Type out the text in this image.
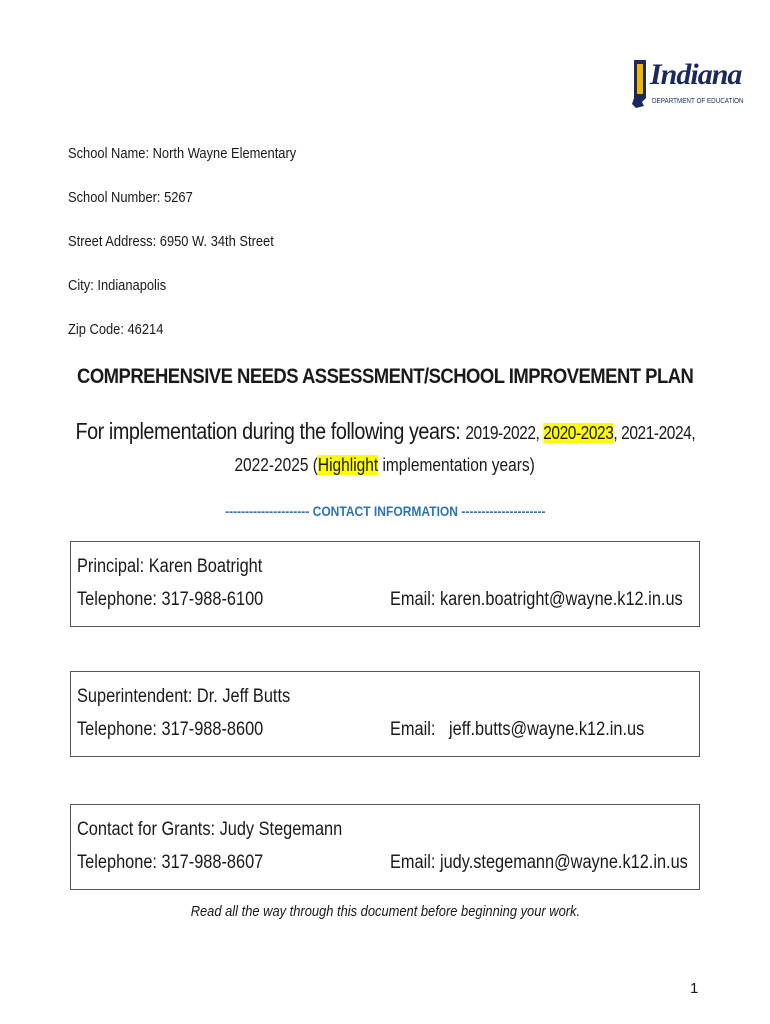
Indiana
DEPARTMENT OF EDUCATION
School Name: North Wayne Elementary
School Number: 5267
Street Address: 6950 W. 34th Street
City: Indianapolis
Zip Code: 46214
COMPREHENSIVE NEEDS ASSESSMENT/SCHOOL IMPROVEMENT PLAN
For implementation during the following years: 2019-2022, 2020-2023, 2021-2024,
2022-2025 (Highlight implementation years)
--------------------- CONTACT INFORMATION ---------------------
Principal: Karen Boatright
Telephone: 317-988-6100	Email: karen.boatright@wayne.k12.in.us
Superintendent: Dr. Jeff Butts
Telephone: 317-988-8600	Email:   jeff.butts@wayne.k12.in.us
Contact for Grants: Judy Stegemann
Telephone: 317-988-8607	Email: judy.stegemann@wayne.k12.in.us
Read all the way through this document before beginning your work.
1
